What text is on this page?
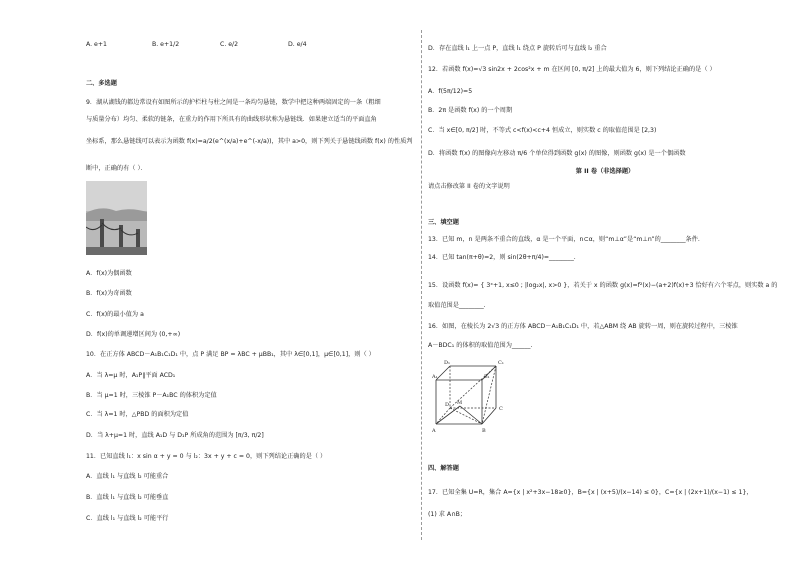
A. e+1	B. e+1/2	C. e/2	D. e/4
二、多选题
9．湖从湖钱的都边常设有如图所示的护栏柱与柱之间是一条均匀悬链，数学中把这种两端固定的一条（粗细
与质量分布）均匀、柔软的链条，在重力的作用下所具有的曲线形状称为悬链线．如果建立适当的平面直角
坐标系，那么悬链线可以表示为函数 f(x)=a/2(e^(x/a)+e^(-x/a))，其中 a>0，则下列关于悬链线函数 f(x) 的性质判
断中，正确的有（ ）．
A．f(x)为偶函数
B．f(x)为奇函数
C．f(x)的最小值为 a
D．f(x)的单调递增区间为 (0,+∞)
10．在正方体 ABCD－A₁B₁C₁D₁ 中，点 P 满足 BP = λBC + μBB₁，其中 λ∈[0,1]，μ∈[0,1]，则（ ）
A．当 λ=μ 时，A₁P∥平面 ACD₁
B．当 μ=1 时，三棱锥 P－A₁BC 的体积为定值
C．当 λ=1 时，△PBD 的面积为定值
D．当 λ+μ=1 时，直线 A₁D 与 D₁P 所成角的范围为 [π/3, π/2]
11．已知直线 l₁：x sin α + y = 0 与 l₂：3x + y + c = 0，则下列结论正确的是（ ）
A．直线 l₁ 与直线 l₂ 可能重合
B．直线 l₁ 与直线 l₂ 可能垂直
C．直线 l₁ 与直线 l₂ 可能平行
D．存在直线 l₁ 上一点 P，直线 l₁ 绕点 P 旋转后可与直线 l₂ 重合
12．若函数 f(x)=√3 sin2x + 2cos²x + m 在区间 [0, π/2] 上的最大值为 6，则下列结论正确的是（ ）
A．f(5π/12)=5
B．2π 是函数 f(x) 的一个周期
C．当 x∈[0, π/2] 时，不等式 c<f(x)<c+4 恒成立，则实数 c 的取值范围是 [2,3)
D．将函数 f(x) 的图像向左移动 π/6 个单位得到函数 g(x) 的图像，则函数 g(x) 是一个偶函数
第 II 卷（非选择题）
请点击修改第 II 卷的文字说明
三、填空题
13．已知 m，n 是两条不重合的直线，α 是一个平面，n⊂α，则“m⊥α”是“m⊥n”的________条件.
14．已知 tan(π+θ)=2，则 sin(2θ+π/4)=________.
15．设函数 f(x)= { 3ˣ+1, x≤0 ; |log₂x|, x>0 }，若关于 x 的函数 g(x)=f²(x)−(a+2)f(x)+3 恰好有六个零点，则实数 a 的
取值范围是________.
16．如图，在棱长为 2√3 的正方体 ABCD－A₁B₁C₁D₁ 中，若△ABM 绕 AB 旋转一周，则在旋转过程中，三棱锥
A－BDC₁ 的体积的取值范围为______.
D₁	C₁
A₁	B₁
D
C
A	B
M
四、解答题
17．已知全集 U=R，集合 A={x | x²+3x−18≥0}，B={x | (x+5)/(x−14) ≤ 0}，C={x | (2x+1)/(x−1) ≤ 1}，
(1) 求 A∩B；
